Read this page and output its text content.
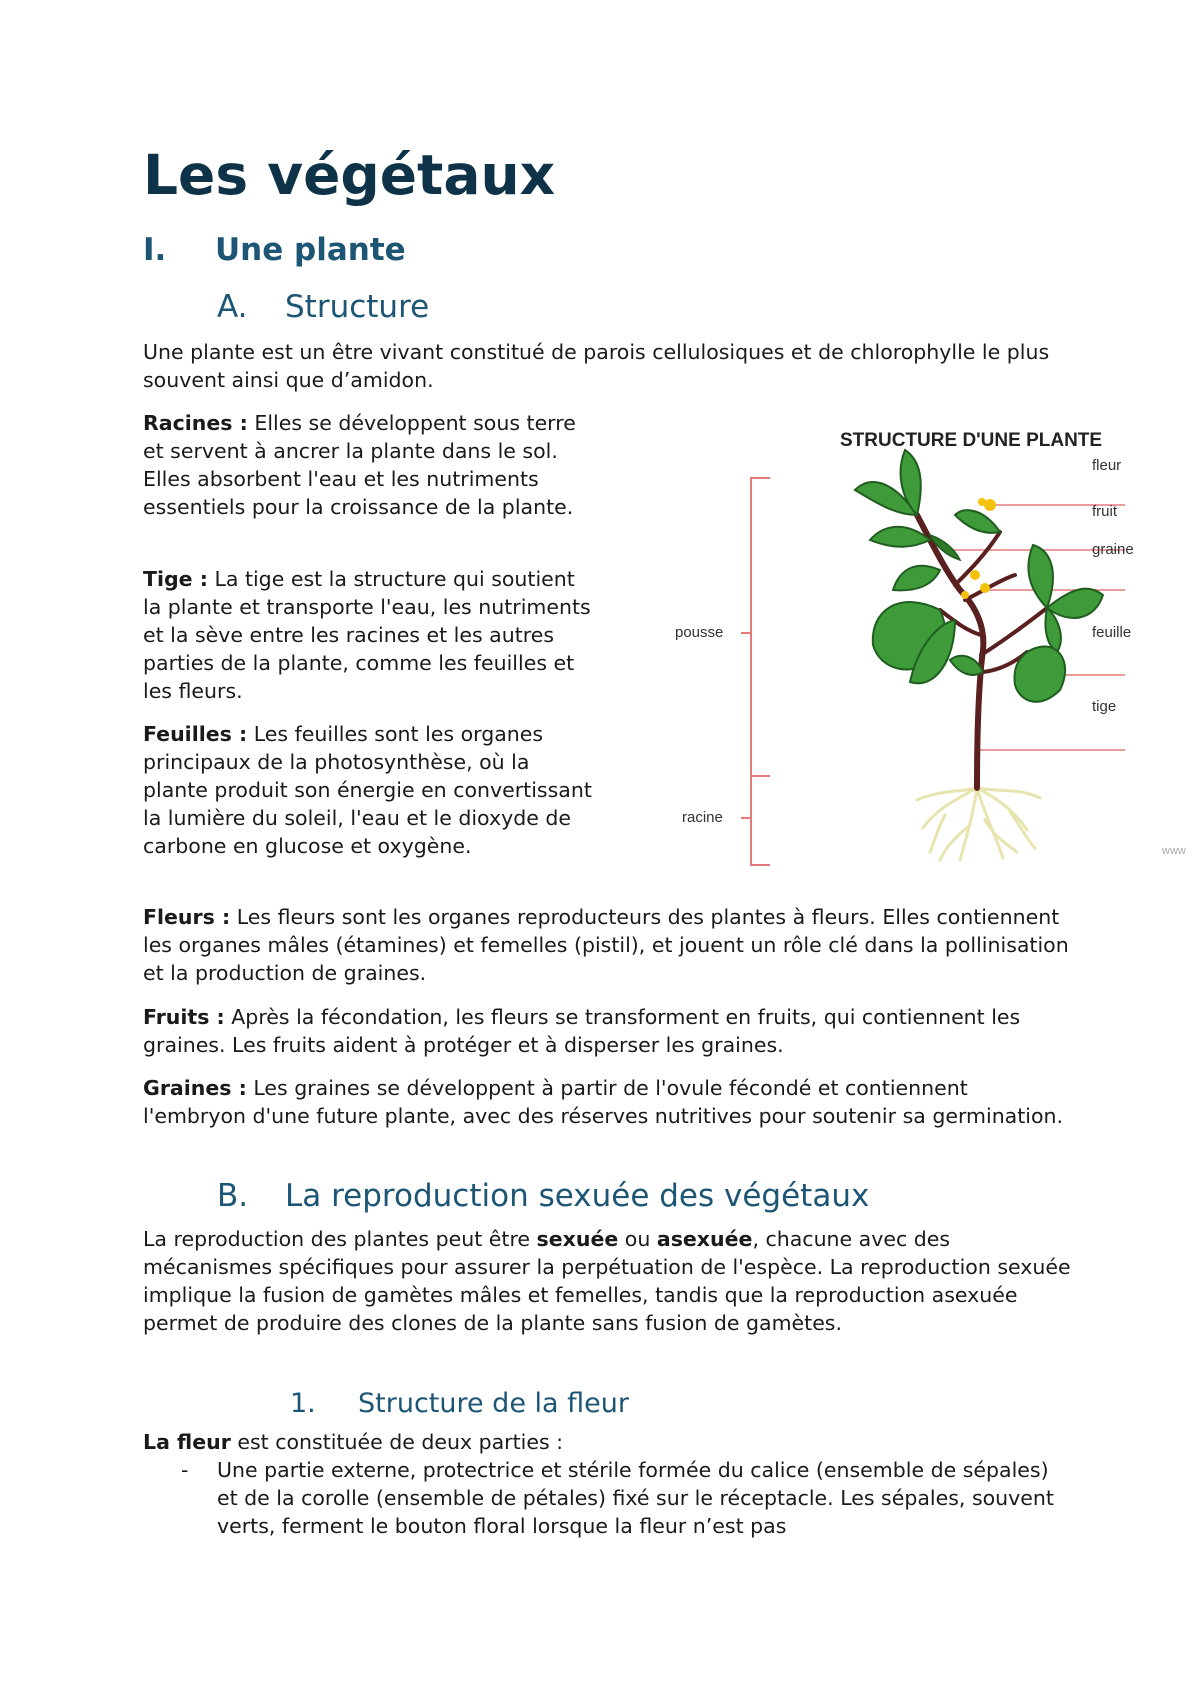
Les végétaux
I. Une plante
A. Structure

Une plante est un être vivant constitué de parois cellulosiques et de chlorophylle le plus souvent ainsi que d’amidon.

Racines : Elles se développent sous terre et servent à ancrer la plante dans le sol. Elles absorbent l'eau et les nutriments essentiels pour la croissance de la plante.

Tige : La tige est la structure qui soutient la plante et transporte l'eau, les nutriments et la sève entre les racines et les autres parties de la plante, comme les feuilles et les fleurs.

Feuilles : Les feuilles sont les organes principaux de la photosynthèse, où la plante produit son énergie en convertissant la lumière du soleil, l'eau et le dioxyde de carbone en glucose et oxygène.

STRUCTURE D'UNE PLANTE
fleur
fruit
graine
feuille
tige
pousse
racine
www

Fleurs : Les fleurs sont les organes reproducteurs des plantes à fleurs. Elles contiennent les organes mâles (étamines) et femelles (pistil), et jouent un rôle clé dans la pollinisation et la production de graines.

Fruits : Après la fécondation, les fleurs se transforment en fruits, qui contiennent les graines. Les fruits aident à protéger et à disperser les graines.

Graines : Les graines se développent à partir de l'ovule fécondé et contiennent l'embryon d'une future plante, avec des réserves nutritives pour soutenir sa germination.

B. La reproduction sexuée des végétaux

La reproduction des plantes peut être sexuée ou asexuée, chacune avec des mécanismes spécifiques pour assurer la perpétuation de l'espèce. La reproduction sexuée implique la fusion de gamètes mâles et femelles, tandis que la reproduction asexuée permet de produire des clones de la plante sans fusion de gamètes.

1. Structure de la fleur

La fleur est constituée de deux parties :

- Une partie externe, protectrice et stérile formée du calice (ensemble de sépales) et de la corolle (ensemble de pétales) fixé sur le réceptacle. Les sépales, souvent verts, ferment le bouton floral lorsque la fleur n’est pas
